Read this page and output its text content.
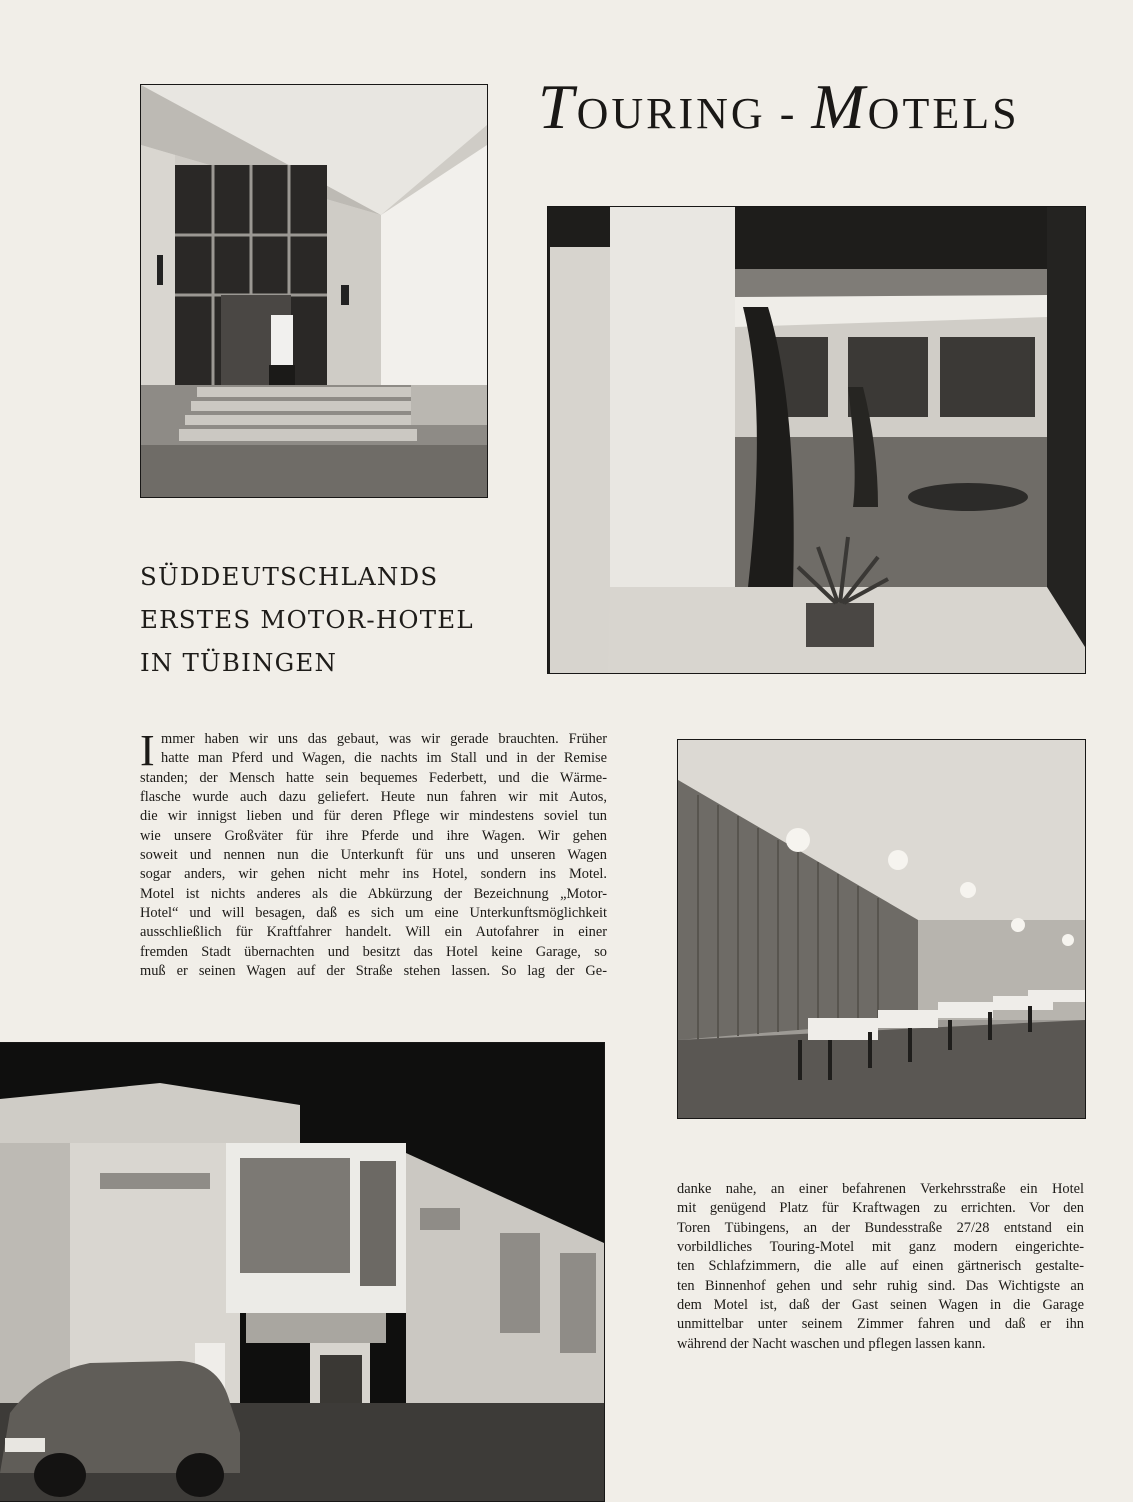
TOURING - MOTELS
SÜDDEUTSCHLANDS
ERSTES MOTOR-HOTEL
IN TÜBINGEN
I mmer haben wir uns das gebaut, was wir gerade brauchten. Früher
hatte man Pferd und Wagen, die nachts im Stall und in der Remise
standen; der Mensch hatte sein bequemes Federbett, und die Wärme-
flasche wurde auch dazu geliefert. Heute nun fahren wir mit Autos,
die wir innigst lieben und für deren Pflege wir mindestens soviel tun
wie unsere Großväter für ihre Pferde und ihre Wagen. Wir gehen
soweit und nennen nun die Unterkunft für uns und unseren Wagen
sogar anders, wir gehen nicht mehr ins Hotel, sondern ins Motel.
Motel ist nichts anderes als die Abkürzung der Bezeichnung „Motor-
Hotel“ und will besagen, daß es sich um eine Unterkunftsmöglichkeit
ausschließlich für Kraftfahrer handelt. Will ein Autofahrer in einer
fremden Stadt übernachten und besitzt das Hotel keine Garage, so
muß er seinen Wagen auf der Straße stehen lassen. So lag der Ge-
danke nahe, an einer befahrenen Verkehrsstraße ein Hotel
mit genügend Platz für Kraftwagen zu errichten. Vor den
Toren Tübingens, an der Bundesstraße 27/28 entstand ein
vorbildliches Touring-Motel mit ganz modern eingerichte-
ten Schlafzimmern, die alle auf einen gärtnerisch gestalte-
ten Binnenhof gehen und sehr ruhig sind. Das Wichtigste an
dem Motel ist, daß der Gast seinen Wagen in die Garage
unmittelbar unter seinem Zimmer fahren und daß er ihn
während der Nacht waschen und pflegen lassen kann.
